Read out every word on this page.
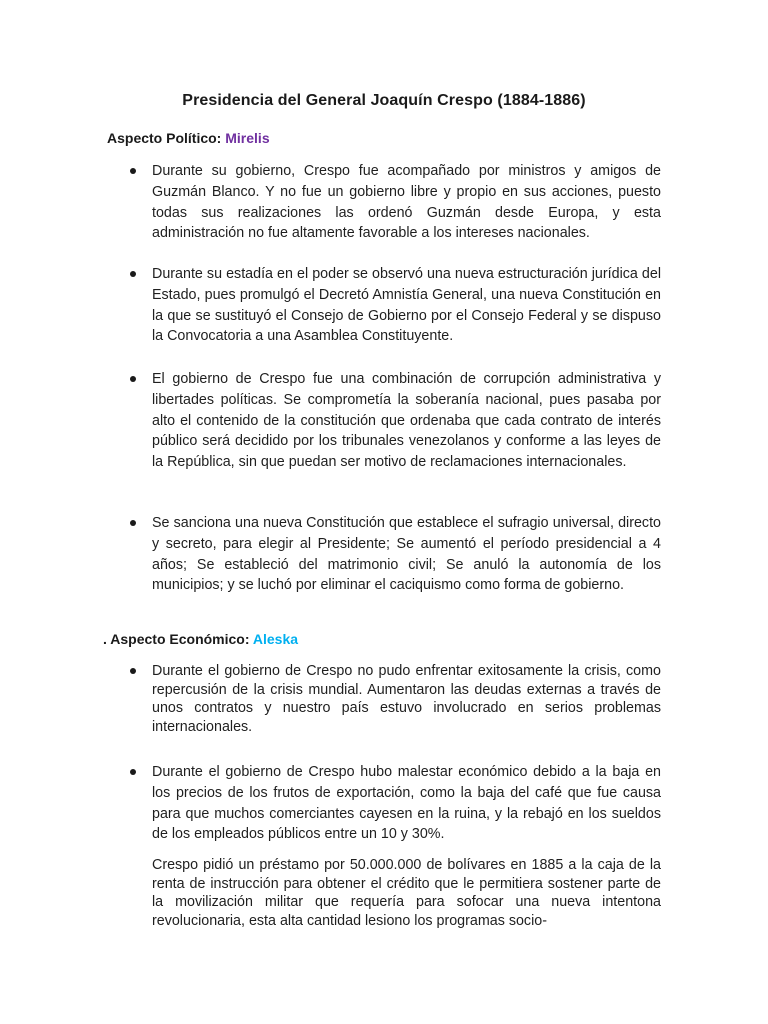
Presidencia del General Joaquín Crespo (1884-1886)
Aspecto Político: Mirelis
Durante su gobierno, Crespo fue acompañado por ministros y amigos de Guzmán Blanco. Y no fue un gobierno libre y propio en sus acciones, puesto todas sus realizaciones las ordenó Guzmán desde Europa, y esta administración no fue altamente favorable a los intereses nacionales.
Durante su estadía en el poder se observó una nueva estructuración jurídica del Estado, pues promulgó el Decretó Amnistía General, una nueva Constitución en la que se sustituyó el Consejo de Gobierno por el Consejo Federal y se dispuso la Convocatoria a una Asamblea Constituyente.
El gobierno de Crespo fue una combinación de corrupción administrativa y libertades políticas. Se comprometía la soberanía nacional, pues pasaba por alto el contenido de la constitución que ordenaba que cada contrato de interés público será decidido por los tribunales venezolanos y conforme a las leyes de la República, sin que puedan ser motivo de reclamaciones internacionales.
Se sanciona una nueva Constitución que establece el sufragio universal, directo y secreto, para elegir al Presidente; Se aumentó el período presidencial a 4 años; Se estableció del matrimonio civil; Se anuló la autonomía de los municipios; y se luchó por eliminar el caciquismo como forma de gobierno.
. Aspecto Económico: Aleska
Durante el gobierno de Crespo no pudo enfrentar exitosamente la crisis, como repercusión de la crisis mundial. Aumentaron las deudas externas a través de unos contratos y nuestro país estuvo involucrado en serios problemas internacionales.
Durante el gobierno de Crespo hubo malestar económico debido a la baja en los precios de los frutos de exportación, como la baja del café que fue causa para que muchos comerciantes cayesen en la ruina, y la rebajó en los sueldos de los empleados públicos entre un 10 y 30%.
Crespo pidió un préstamo por 50.000.000 de bolívares en 1885 a la caja de la renta de instrucción para obtener el crédito que le permitiera sostener parte de la movilización militar que requería para sofocar una nueva intentona revolucionaria, esta alta cantidad lesiono los programas socio-
